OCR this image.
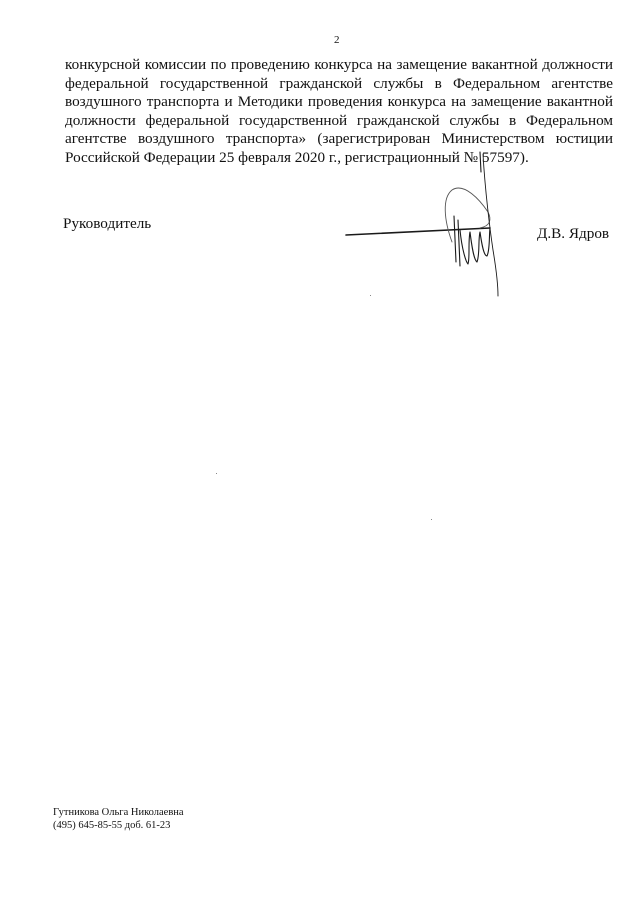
2
конкурсной комиссии по проведению конкурса на замещение вакантной должности
федеральной государственной гражданской службы в Федеральном агентстве
воздушного транспорта и Методики проведения конкурса на замещение вакантной
должности федеральной государственной гражданской службы в Федеральном
агентстве воздушного транспорта» (зарегистрирован Министерством юстиции
Российской Федерации 25 февраля 2020 г., регистрационный № 57597).
Руководитель
Д.В. Ядров
Гутникова Ольга Николаевна
(495) 645-85-55 доб. 61-23
